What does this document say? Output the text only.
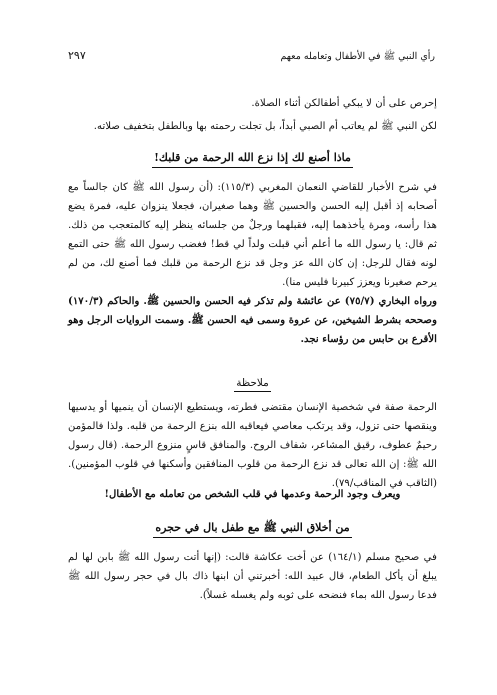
رأي النبي ﷺ في الأطفال وتعامله معهم
٢٩٧

إحرص على أن لا يبكي أطفالكن أثناء الصلاة.

لكن النبي ﷺ لم يعاتب أم الصبي أبداً، بل تجلت رحمته بها وبالطفل بتخفيف صلاته.

ماذا أصنع لك إذا نزع الله الرحمة من قلبك!

في شرح الأخبار للقاضي النعمان المغربي (١١٥/٣): (أن رسول الله ﷺ كان جالساً مع أصحابه إذ أقبل إليه الحسن والحسين ﷺ وهما صغيران، فجعلا ينزوان عليه، فمرة يضع هذا رأسه، ومرة يأخذهما إليه، فقبلهما ورجلٌ من جلسائه ينظر إليه كالمتعجب من ذلك. ثم قال: يا رسول الله ما أعلم أني قبلت ولداً لي قط! فغضب رسول الله ﷺ حتى التمع لونه فقال للرجل: إن كان الله عز وجل قد نزع الرحمة من قلبك فما أصنع لك، من لم يرحم صغيرنا ويعزز كبيرنا فليس منا).

ورواه البخاري (٧٥/٧) عن عائشة ولم تذكر فيه الحسن والحسين ﷺ. والحاكم (١٧٠/٣) وصححه بشرط الشيخين، عن عروة وسمى فيه الحسن ﷺ. وسمت الروايات الرجل وهو الأقرع بن حابس من رؤساء نجد.

ملاحظة

الرحمة صفة في شخصية الإنسان مقتضى فطرته، ويستطيع الإنسان أن ينميها أو يدسيها وينقصها حتى تزول، وقد يرتكب معاصي فيعاقبه الله بنزع الرحمة من قلبه. ولذا فالمؤمن رحيمٌ عطوف، رقيق المشاعر، شفاف الروح. والمنافق قاسٍ منزوع الرحمة. (قال رسول الله ﷺ: إن الله تعالى قد نزع الرحمة من قلوب المنافقين وأسكنها في قلوب المؤمنين). (الثاقب في المناقب/٧٩).

ويعرف وجود الرحمة وعدمها في قلب الشخص من تعامله مع الأطفال!

من أخلاق النبي ﷺ مع طفل بال في حجره

في صحيح مسلم (١٦٤/١) عن أخت عكاشة قالت: (إنها أتت رسول الله ﷺ بابن لها لم يبلغ أن يأكل الطعام، قال عبيد الله: أخبرتني أن ابنها ذاك بال في حجر رسول الله ﷺ فدعا رسول الله بماء فنضحه على ثوبه ولم يغسله غسلاً).
